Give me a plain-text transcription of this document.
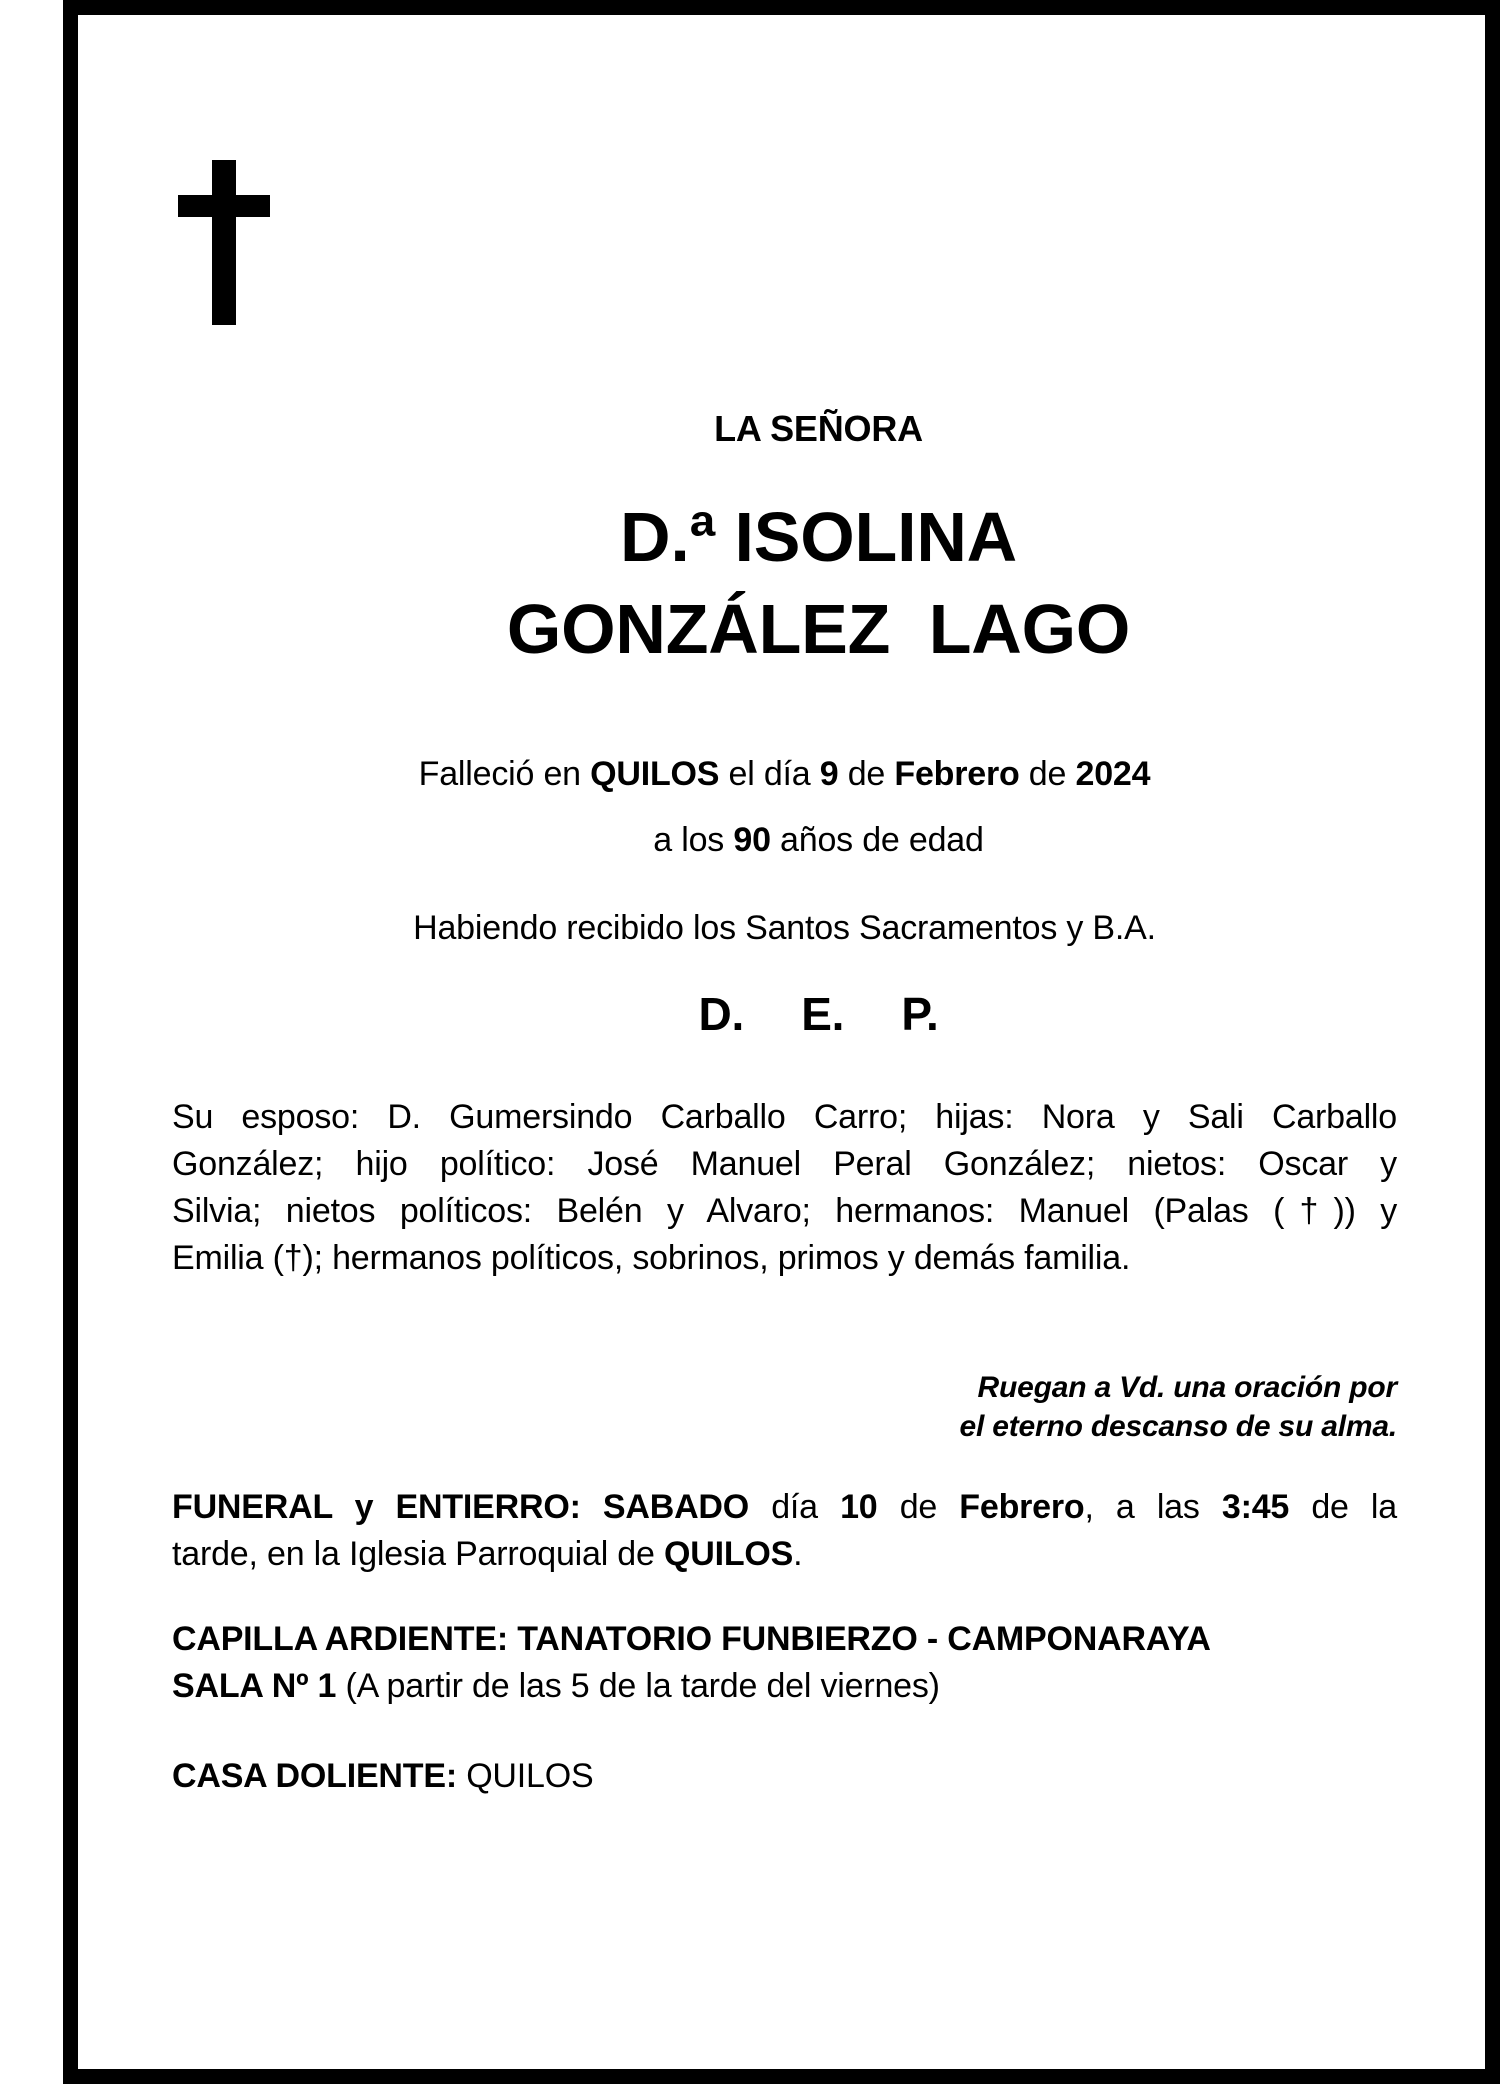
LA SEÑORA
D.ª ISOLINA
GONZÁLEZ  LAGO
Falleció en QUILOS el día 9 de Febrero de 2024
a los 90 años de edad
Habiendo recibido los Santos Sacramentos y B.A.
D.  E.  P.
Su esposo: D. Gumersindo Carballo Carro; hijas: Nora y Sali Carballo
González; hijo político: José Manuel Peral González; nietos: Oscar y
Silvia; nietos políticos: Belén y Alvaro; hermanos: Manuel (Palas (†)) y
Emilia (†); hermanos políticos, sobrinos, primos y demás familia.
Ruegan a Vd. una oración por
el eterno descanso de su alma.
FUNERAL y ENTIERRO: SABADO día 10 de Febrero, a las 3:45 de la
tarde, en la Iglesia Parroquial de QUILOS.
CAPILLA ARDIENTE: TANATORIO FUNBIERZO - CAMPONARAYA
SALA Nº 1 (A partir de las 5 de la tarde del viernes)
CASA DOLIENTE: QUILOS
